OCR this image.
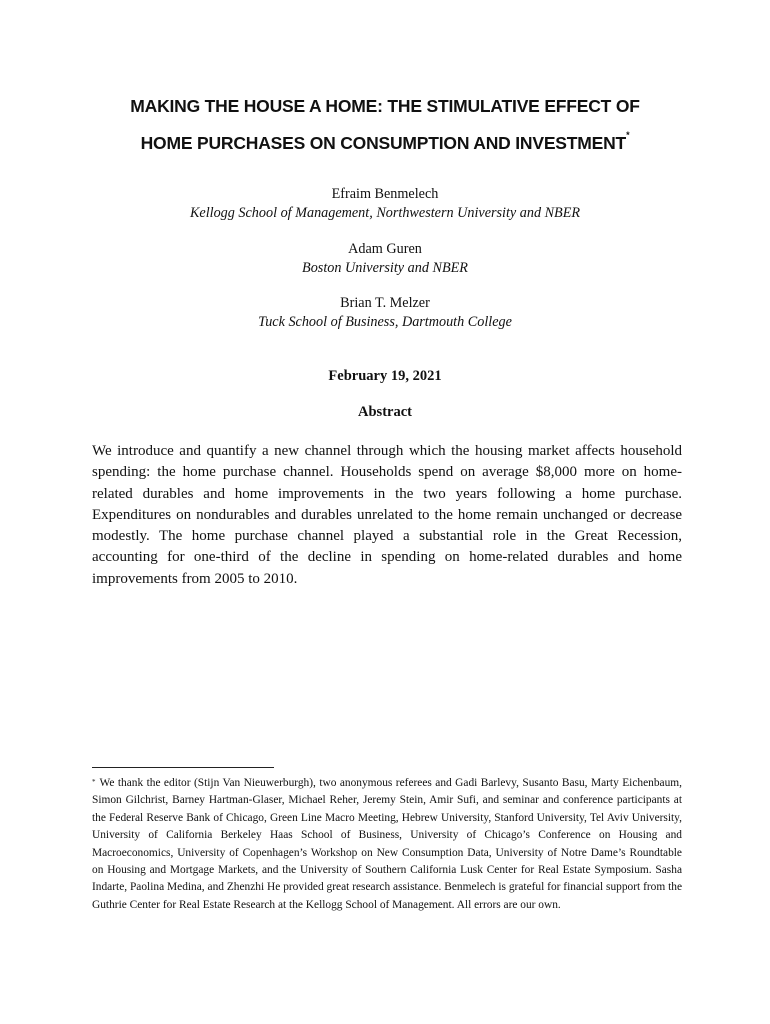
MAKING THE HOUSE A HOME: THE STIMULATIVE EFFECT OF
HOME PURCHASES ON CONSUMPTION AND INVESTMENT*
Efraim Benmelech
Kellogg School of Management, Northwestern University and NBER
Adam Guren
Boston University and NBER
Brian T. Melzer
Tuck School of Business, Dartmouth College
February 19, 2021
Abstract
We introduce and quantify a new channel through which the housing market affects household spending: the home purchase channel. Households spend on average $8,000 more on home-related durables and home improvements in the two years following a home purchase. Expenditures on nondurables and durables unrelated to the home remain unchanged or decrease modestly. The home purchase channel played a substantial role in the Great Recession, accounting for one-third of the decline in spending on home-related durables and home improvements from 2005 to 2010.
* We thank the editor (Stijn Van Nieuwerburgh), two anonymous referees and Gadi Barlevy, Susanto Basu, Marty Eichenbaum, Simon Gilchrist, Barney Hartman-Glaser, Michael Reher, Jeremy Stein, Amir Sufi, and seminar and conference participants at the Federal Reserve Bank of Chicago, Green Line Macro Meeting, Hebrew University, Stanford University, Tel Aviv University, University of California Berkeley Haas School of Business, University of Chicago’s Conference on Housing and Macroeconomics, University of Copenhagen’s Workshop on New Consumption Data, University of Notre Dame’s Roundtable on Housing and Mortgage Markets, and the University of Southern California Lusk Center for Real Estate Symposium. Sasha Indarte, Paolina Medina, and Zhenzhi He provided great research assistance. Benmelech is grateful for financial support from the Guthrie Center for Real Estate Research at the Kellogg School of Management. All errors are our own.
